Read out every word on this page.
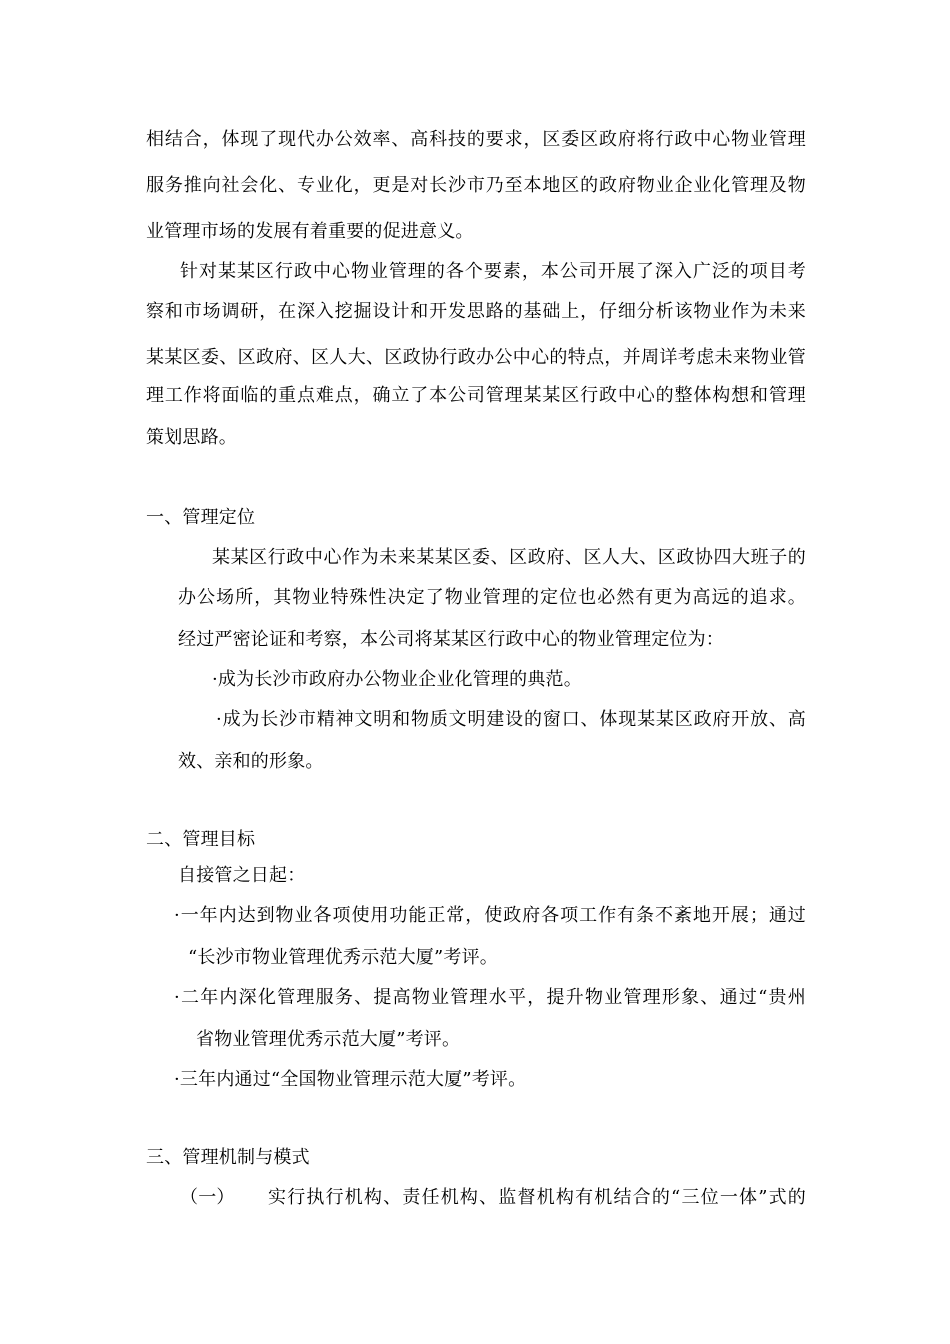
相结合，体现了现代办公效率、高科技的要求，区委区政府将行政中心物业管理
服务推向社会化、专业化，更是对长沙市乃至本地区的政府物业企业化管理及物
业管理市场的发展有着重要的促进意义。
针对某某区行政中心物业管理的各个要素，本公司开展了深入广泛的项目考
察和市场调研，在深入挖掘设计和开发思路的基础上，仔细分析该物业作为未来
某某区委、区政府、区人大、区政协行政办公中心的特点，并周详考虑未来物业管
理工作将面临的重点难点，确立了本公司管理某某区行政中心的整体构想和管理
策划思路。
一、管理定位
某某区行政中心作为未来某某区委、区政府、区人大、区政协四大班子的
办公场所，其物业特殊性决定了物业管理的定位也必然有更为高远的追求。
经过严密论证和考察，本公司将某某区行政中心的物业管理定位为：
·成为长沙市政府办公物业企业化管理的典范。
·成为长沙市精神文明和物质文明建设的窗口、体现某某区政府开放、高
效、亲和的形象。
二、管理目标
自接管之日起：
·一年内达到物业各项使用功能正常，使政府各项工作有条不紊地开展；通过
“长沙市物业管理优秀示范大厦”考评。
·二年内深化管理服务、提高物业管理水平，提升物业管理形象、通过“贵州
省物业管理优秀示范大厦”考评。
·三年内通过“全国物业管理示范大厦”考评。
三、管理机制与模式
（一） 实行执行机构、责任机构、监督机构有机结合的“三位一体”式的
